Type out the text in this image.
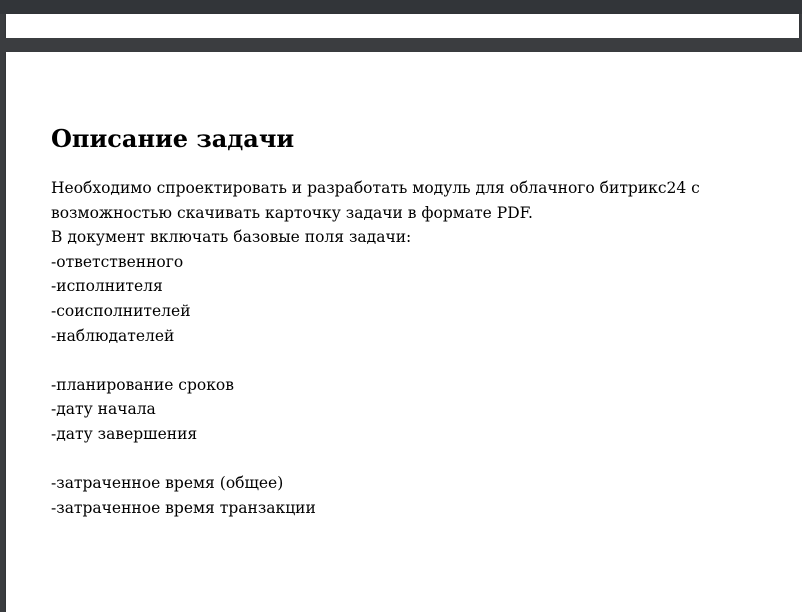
Описание задачи
Необходимо спроектировать и разработать модуль для облачного битрикс24 с
возможностью скачивать карточку задачи в формате PDF.
В документ включать базовые поля задачи:
-ответственного
-исполнителя
-соисполнителей
-наблюдателей
-планирование сроков
-дату начала
-дату завершения
-затраченное время (общее)
-затраченное время транзакции
